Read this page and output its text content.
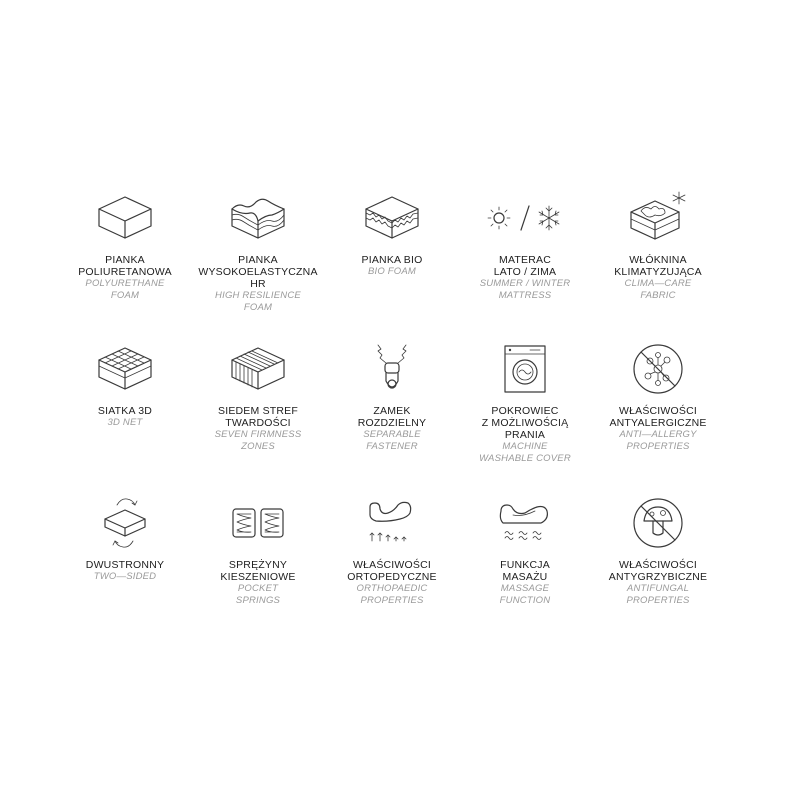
PIANKA
POLIURETANOWA
POLYURETHANE
FOAM
PIANKA
WYSOKOELASTYCZNA
HR
HIGH RESILIENCE
FOAM
PIANKA BIO
BIO FOAM
MATERAC
LATO / ZIMA
SUMMER / WINTER
MATTRESS
WŁÓKNINA
KLIMATYZUJĄCA
CLIMA—CARE
FABRIC
SIATKA 3D
3D NET
SIEDEM STREF
TWARDOŚCI
SEVEN FIRMNESS
ZONES
ZAMEK
ROZDZIELNY
SEPARABLE
FASTENER
POKROWIEC
Z MOŻLIWOŚCIĄ
PRANIA
MACHINE
WASHABLE COVER
WŁAŚCIWOŚCI
ANTYALERGICZNE
ANTI—ALLERGY
PROPERTIES
DWUSTRONNY
TWO—SIDED
SPRĘŻYNY
KIESZENIOWE
POCKET
SPRINGS
WŁAŚCIWOŚCI
ORTOPEDYCZNE
ORTHOPAEDIC
PROPERTIES
FUNKCJA
MASAŻU
MASSAGE
FUNCTION
WŁAŚCIWOŚCI
ANTYGRZYBICZNE
ANTIFUNGAL
PROPERTIES
